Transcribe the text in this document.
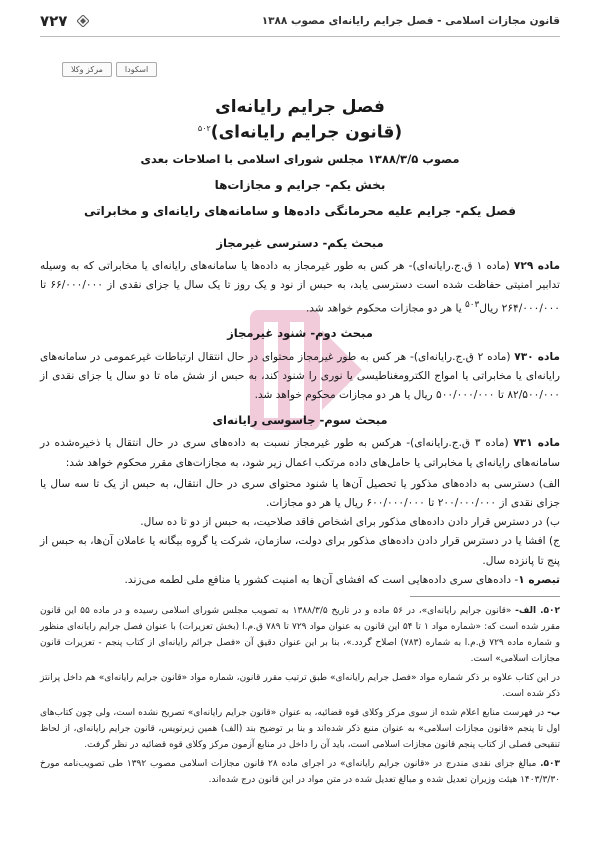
قانون مجازات اسلامی - فصل جرایم رایانه‌ای مصوب ۱۳۸۸
۷۲۷
مرکز وکلا	اسکودا

فصل جرایم رایانه‌ای

(قانون جرایم رایانه‌ای)$^{۵۰۲}$

مصوب ۱۳۸۸/۳/۵ مجلس شورای اسلامی با اصلاحات بعدی
بخش یکم- جرایم و مجازات‌ها
فصل یکم- جرایم علیه محرمانگی داده‌ها و سامانه‌های رایانه‌ای و مخابراتی
مبحث یکم- دسترسی غیرمجاز

ماده ۷۲۹ (ماده ۱ ق.ج.رایانه‌ای)- هر کس به طور غیرمجاز به داده‌ها یا سامانه‌های رایانه‌ای یا مخابراتی که به وسیله تدابیر امنیتی حفاظت شده است دسترسی یابد، به حبس از نود و یک روز تا یک سال یا جزای نقدی از ۶۶/۰۰۰/۰۰۰ تا ۲۶۴/۰۰۰/۰۰۰ ریال$^{۵۰۳}$ یا هر دو مجازات محکوم خواهد شد.

مبحث دوم- شنود غیرمجاز

ماده ۷۳۰ (ماده ۲ ق.ج.رایانه‌ای)- هر کس به طور غیرمجاز محتوای در حال انتقال ارتباطات غیرعمومی در سامانه‌های رایانه‌ای یا مخابراتی یا امواج الکترومغناطیسی یا نوری را شنود کند، به حبس از شش ماه تا دو سال یا جزای نقدی از ۸۲/۵۰۰/۰۰۰ تا ۵۰۰/۰۰۰/۰۰۰ ریال یا هر دو مجازات محکوم خواهد شد.

مبحث سوم- جاسوسی رایانه‌ای

ماده ۷۳۱ (ماده ۳ ق.ج.رایانه‌ای)- هرکس به طور غیرمجاز نسبت به داده‌های سری در حال انتقال یا ذخیره‌شده در سامانه‌های رایانه‌ای یا مخابراتی یا حامل‌های داده مرتکب اعمال زیر شود، به مجازات‌های مقرر محکوم خواهد شد:

الف) دسترسی به داده‌های مذکور یا تحصیل آن‌ها یا شنود محتوای سری در حال انتقال، به حبس از یک تا سه سال یا جزای نقدی از ۲۰۰/۰۰۰/۰۰۰ تا ۶۰۰/۰۰۰/۰۰۰ ریال یا هر دو مجازات.

ب) در دسترس قرار دادن داده‌های مذکور برای اشخاص فاقد صلاحیت، به حبس از دو تا ده سال.

ج) افشا یا در دسترس قرار دادن داده‌های مذکور برای دولت، سازمان، شرکت یا گروه بیگانه یا عاملان آن‌ها، به حبس از پنج تا پانزده سال.

تبصره ۱- داده‌های سری داده‌هایی است که افشای آن‌ها به امنیت کشور یا منافع ملی لطمه می‌زند.

۵۰۲. الف- «قانون جرایم رایانه‌ای»، در ۵۶ ماده و در تاریخ ۱۳۸۸/۳/۵ به تصویب مجلس شورای اسلامی رسیده و در ماده ۵۵ این قانون مقرر شده است که: «شماره مواد ۱ تا ۵۴ این قانون به عنوان مواد ۷۲۹ تا ۷۸۹ ق.م.ا (بخش تعزیرات) با عنوان فصل جرایم رایانه‌ای منظور و شماره ماده ۷۲۹ ق.م.ا به شماره (۷۸۳) اصلاح گردد.»، بنا بر این عنوان دقیق آن «فصل جرائم رایانه‌ای از کتاب پنجم - تعزیرات قانون مجازات اسلامی» است.

در این کتاب علاوه بر ذکر شماره مواد «فصل جرایم رایانه‌ای» طبق ترتیب مقرر قانون، شماره مواد «قانون جرایم رایانه‌ای» هم داخل پرانتز ذکر شده است.

ب- در فهرست منابع اعلام شده از سوی مرکز وکلای قوه قضائیه، به عنوان «قانون جرایم رایانه‌ای» تصریح نشده است، ولی چون کتاب‌های اول تا پنجم «قانون مجازات اسلامی» به عنوان منبع ذکر شده‌اند و بنا بر توضیح بند (الف) همین زیرنویس، قانون جرایم رایانه‌ای، از لحاظ تنقیحی فصلی از کتاب پنجم قانون مجازات اسلامی است، باید آن را داخل در منابع آزمون مرکز وکلای قوه قضائیه در نظر گرفت.

۵۰۳. مبالغ جزای نقدی مندرج در «قانون جرایم رایانه‌ای» در اجرای ماده ۲۸ قانون مجازات اسلامی مصوب ۱۳۹۲ طی تصویب‌نامه مورخ ۱۴۰۳/۳/۳۰ هیئت وزیران تعدیل شده و مبالغ تعدیل شده در متن مواد در این قانون درج شده‌اند.
